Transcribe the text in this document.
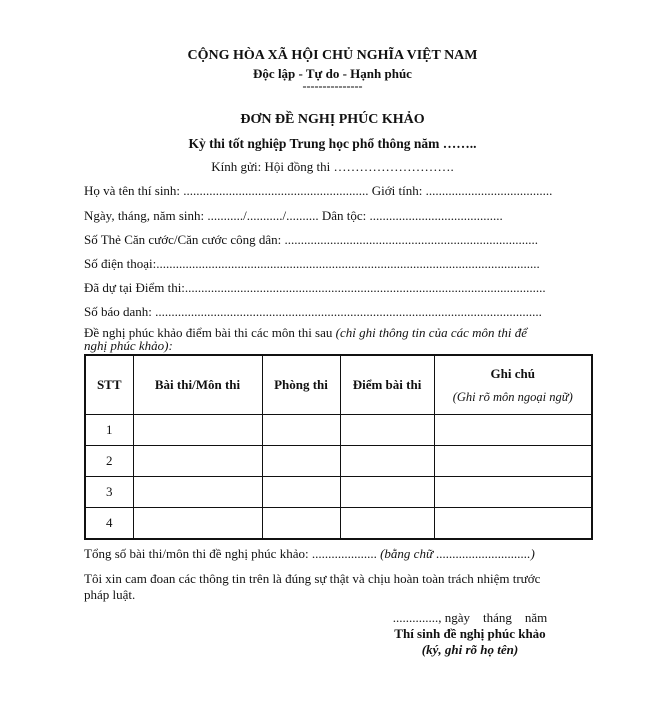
CỘNG HÒA XÃ HỘI CHỦ NGHĨA VIỆT NAM
Độc lập - Tự do - Hạnh phúc
---------------
ĐƠN ĐỀ NGHỊ PHÚC KHẢO
Kỳ thi tốt nghiệp Trung học phổ thông năm ……..
Kính gửi: Hội đồng thi ……………………….
Họ và tên thí sinh: ......................................................... Giới tính: .......................................
Ngày, tháng, năm sinh: .........../.........../.......... Dân tộc: .........................................
Số Thẻ Căn cước/Căn cước công dân: ..............................................................................
Số điện thoại:......................................................................................................................
Đã dự tại Điểm thi:...............................................................................................................
Số báo danh: .......................................................................................................................
Đề nghị phúc khảo điểm bài thi các môn thi sau (chỉ ghi thông tin của các môn thi để
nghị phúc khảo):
STT	Bài thi/Môn thi	Phòng thi	Điểm bài thi	Ghi chú
(Ghi rõ môn ngoại ngữ)

1				
2				
3				
4				
Tổng số bài thi/môn thi đề nghị phúc khảo: .................... (bằng chữ .............................)
Tôi xin cam đoan các thông tin trên là đúng sự thật và chịu hoàn toàn trách nhiệm trước
pháp luật.
.............., ngày    tháng    năm
Thí sinh đề nghị phúc khảo
(ký, ghi rõ họ tên)
